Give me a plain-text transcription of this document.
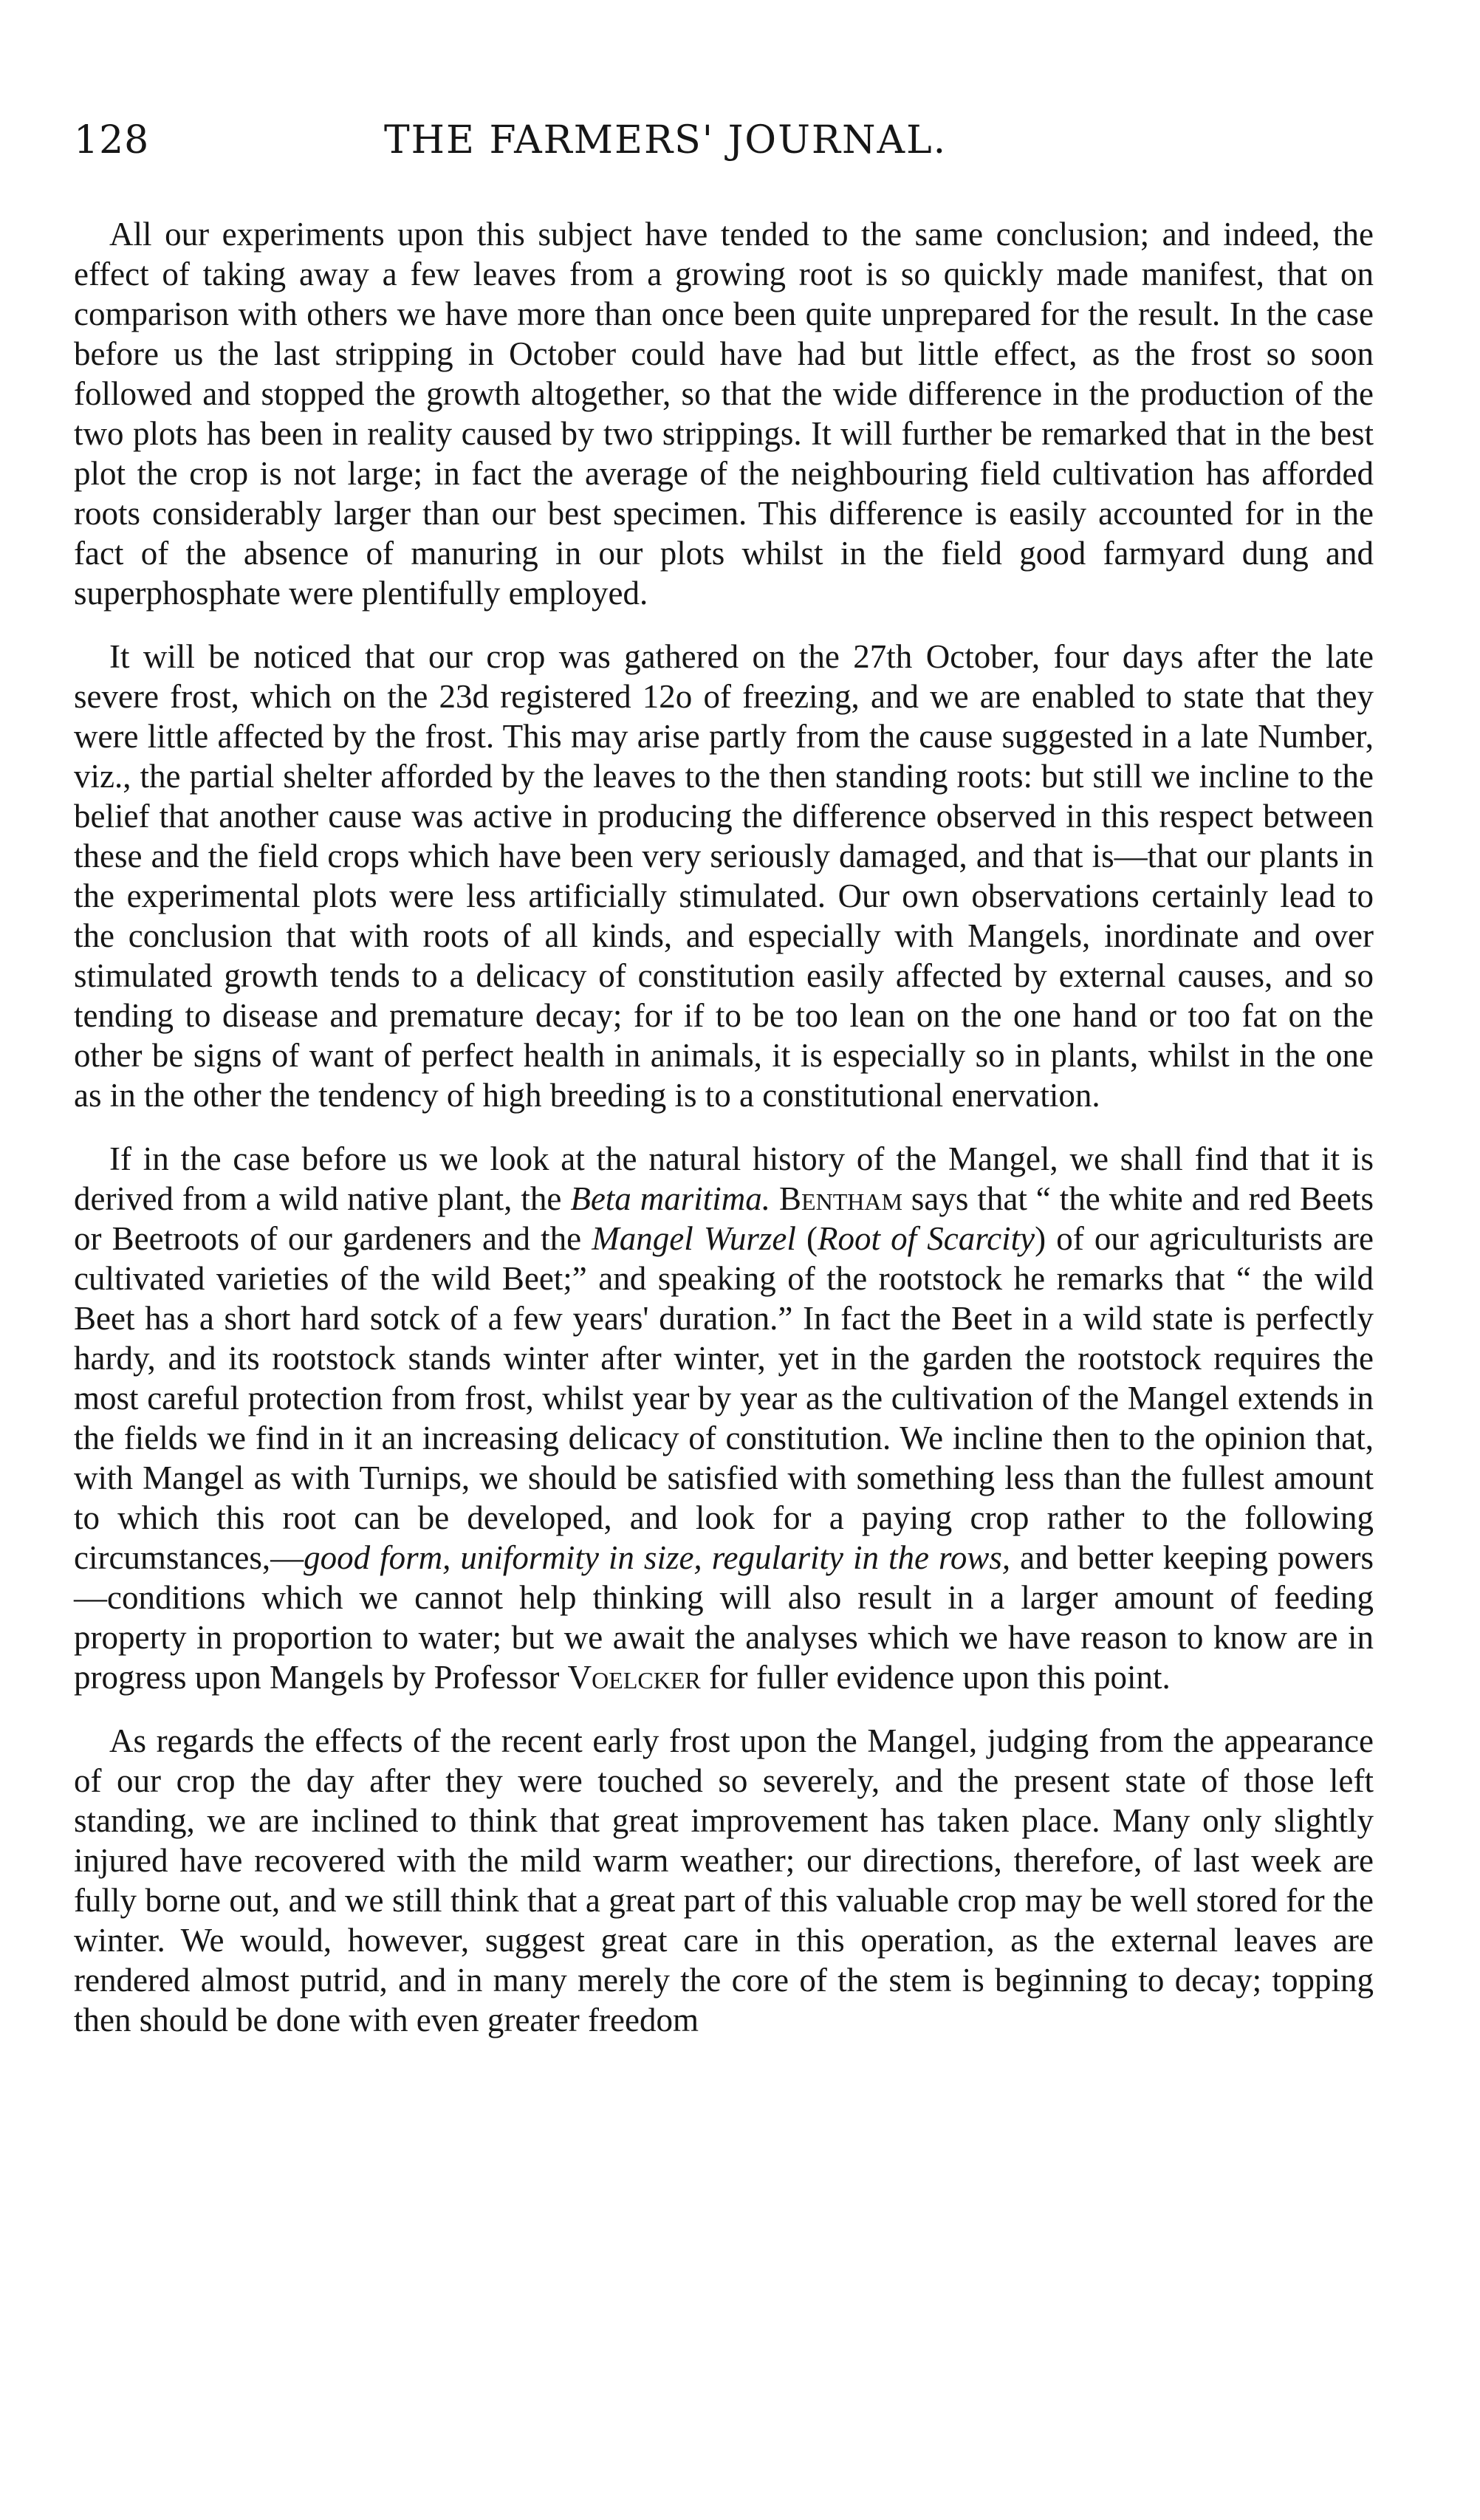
128	THE FARMERS' JOURNAL.

All our experiments upon this subject have tended to the same conclusion; and indeed, the effect of taking away a few leaves from a growing root is so quickly made manifest, that on comparison with others we have more than once been quite unprepared for the result. In the case before us the last stripping in October could have had but little effect, as the frost so soon followed and stopped the growth altogether, so that the wide difference in the production of the two plots has been in reality caused by two strippings. It will further be remarked that in the best plot the crop is not large; in fact the average of the neighbouring field cultivation has afforded roots considerably larger than our best specimen. This difference is easily accounted for in the fact of the absence of manuring in our plots whilst in the field good farmyard dung and superphosphate were plentifully employed.

It will be noticed that our crop was gathered on the 27th October, four days after the late severe frost, which on the 23d registered 12o of freezing, and we are enabled to state that they were little affected by the frost. This may arise partly from the cause suggested in a late Number, viz., the partial shelter afforded by the leaves to the then standing roots: but still we incline to the belief that another cause was active in producing the difference observed in this respect between these and the field crops which have been very seriously damaged, and that is—that our plants in the experimental plots were less artificially stimulated. Our own observations certainly lead to the conclusion that with roots of all kinds, and especially with Mangels, inordinate and over stimulated growth tends to a delicacy of constitution easily affected by external causes, and so tending to disease and premature decay; for if to be too lean on the one hand or too fat on the other be signs of want of perfect health in animals, it is especially so in plants, whilst in the one as in the other the tendency of high breeding is to a constitutional enervation.

If in the case before us we look at the natural history of the Mangel, we shall find that it is derived from a wild native plant, the Beta maritima. Bentham says that “ the white and red Beets or Beetroots of our gardeners and the Mangel Wurzel (Root of Scarcity) of our agriculturists are cultivated varieties of the wild Beet;” and speaking of the rootstock he remarks that “ the wild Beet has a short hard sotck of a few years' duration.” In fact the Beet in a wild state is perfectly hardy, and its rootstock stands winter after winter, yet in the garden the rootstock requires the most careful protection from frost, whilst year by year as the cultivation of the Mangel extends in the fields we find in it an increasing delicacy of constitution. We incline then to the opinion that, with Mangel as with Turnips, we should be satisfied with something less than the fullest amount to which this root can be developed, and look for a paying crop rather to the following circumstances,—good form, uniformity in size, regularity in the rows, and better keeping powers—conditions which we cannot help thinking will also result in a larger amount of feeding property in proportion to water; but we await the analyses which we have reason to know are in progress upon Mangels by Professor Voelcker for fuller evidence upon this point.

As regards the effects of the recent early frost upon the Mangel, judging from the appearance of our crop the day after they were touched so severely, and the present state of those left standing, we are inclined to think that great improvement has taken place. Many only slightly injured have recovered with the mild warm weather; our directions, therefore, of last week are fully borne out, and we still think that a great part of this valuable crop may be well stored for the winter. We would, however, suggest great care in this operation, as the external leaves are rendered almost putrid, and in many merely the core of the stem is beginning to decay; topping then should be done with even greater freedom
